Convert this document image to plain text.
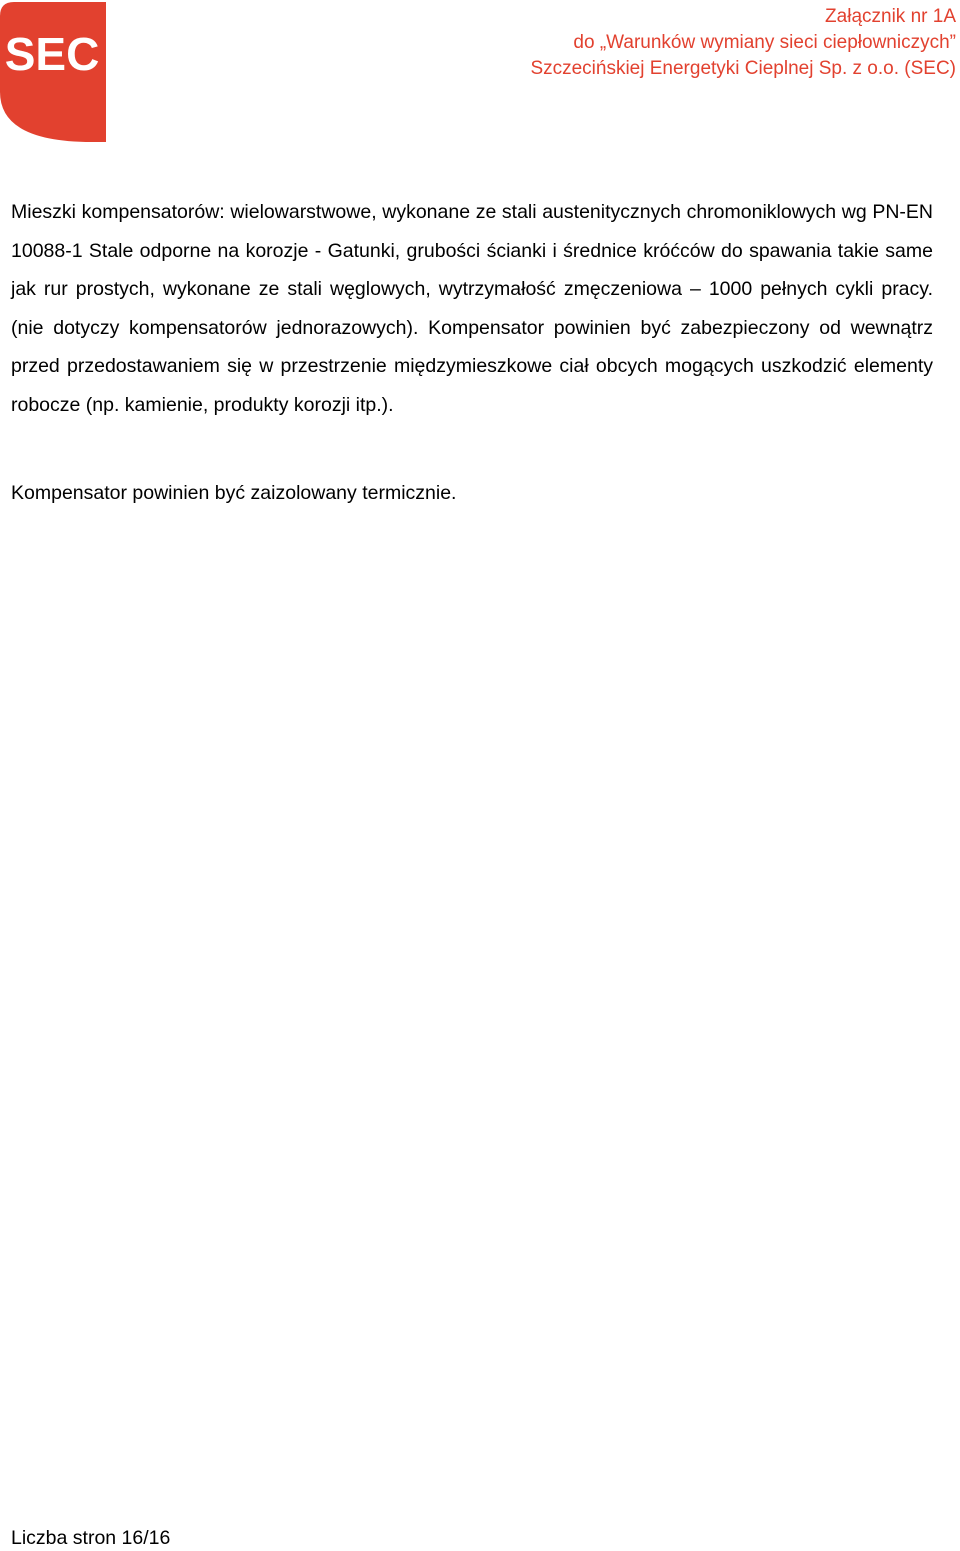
SEC
Załącznik nr 1A
do „Warunków wymiany sieci ciepłowniczych”
Szczecińskiej Energetyki Cieplnej Sp. z o.o. (SEC)

Mieszki kompensatorów: wielowarstwowe, wykonane ze stali austenitycznych chromoniklowych wg PN-EN 10088-1 Stale odporne na korozje - Gatunki, grubości ścianki i średnice króćców do spawania takie same jak rur prostych, wykonane ze stali węglowych, wytrzymałość zmęczeniowa – 1000 pełnych cykli pracy. (nie dotyczy kompensatorów jednorazowych). Kompensator powinien być zabezpieczony od wewnątrz przed przedostawaniem się w przestrzenie międzymieszkowe ciał obcych mogących uszkodzić elementy robocze (np. kamienie, produkty korozji itp.).

Kompensator powinien być zaizolowany termicznie.

Liczba stron 16/16
